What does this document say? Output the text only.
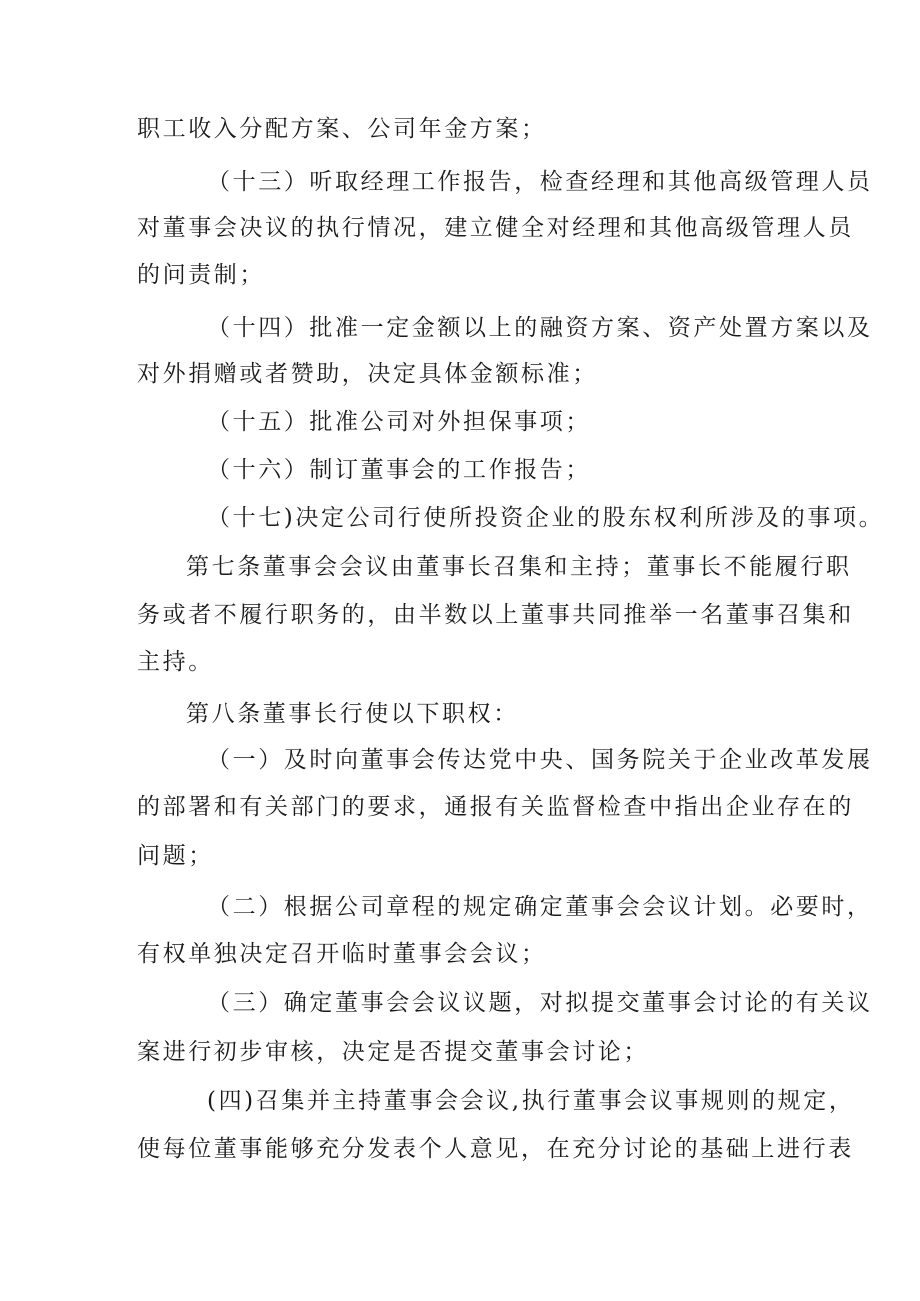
职工收入分配方案、公司年金方案；
（十三）听取经理工作报告，检查经理和其他高级管理人员
对董事会决议的执行情况，建立健全对经理和其他高级管理人员
的问责制；
（十四）批准一定金额以上的融资方案、资产处置方案以及
对外捐赠或者赞助，决定具体金额标准；
（十五）批准公司对外担保事项；
（十六）制订董事会的工作报告；
（十七)决定公司行使所投资企业的股东权利所涉及的事项。
第七条董事会会议由董事长召集和主持；董事长不能履行职
务或者不履行职务的，由半数以上董事共同推举一名董事召集和
主持。
第八条董事长行使以下职权：
（一）及时向董事会传达党中央、国务院关于企业改革发展
的部署和有关部门的要求，通报有关监督检查中指出企业存在的
问题；
（二）根据公司章程的规定确定董事会会议计划。必要时，
有权单独决定召开临时董事会会议；
（三）确定董事会会议议题，对拟提交董事会讨论的有关议
案进行初步审核，决定是否提交董事会讨论；
(四)召集并主持董事会会议,执行董事会议事规则的规定，
使每位董事能够充分发表个人意见，在充分讨论的基础上进行表
